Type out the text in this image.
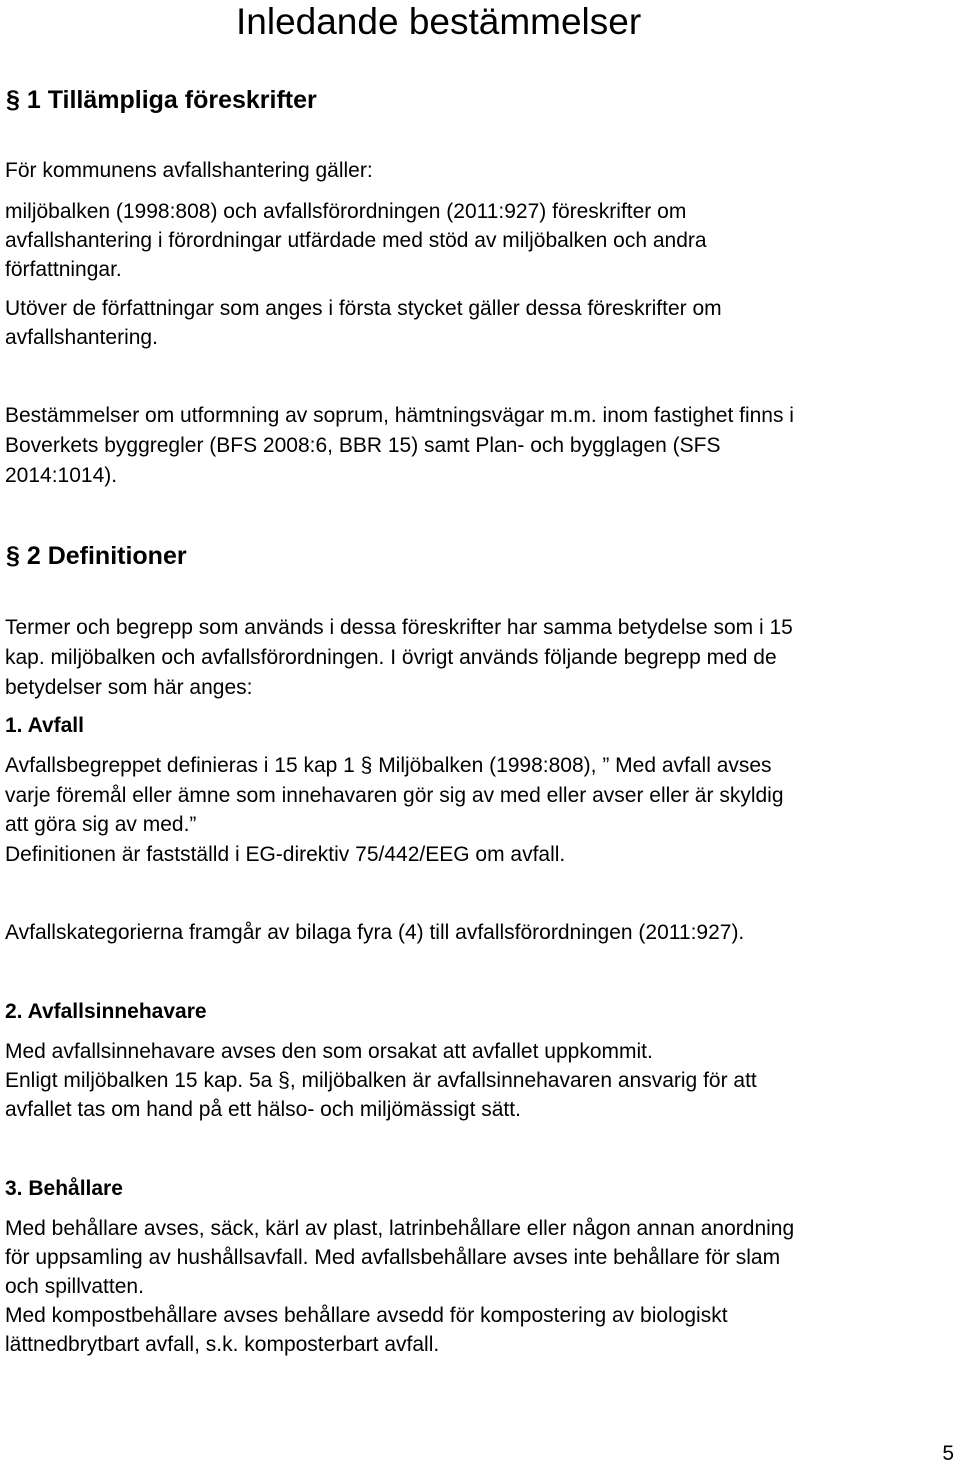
Inledande bestämmelser
§ 1 Tillämpliga föreskrifter

För kommunens avfallshantering gäller:

miljöbalken (1998:808) och avfallsförordningen (2011:927) föreskrifter om

avfallshantering i förordningar utfärdade med stöd av miljöbalken och andra

författningar.

Utöver de författningar som anges i första stycket gäller dessa föreskrifter om

avfallshantering.

Bestämmelser om utformning av soprum, hämtningsvägar m.m. inom fastighet finns i

Boverkets byggregler (BFS 2008:6, BBR 15) samt Plan- och bygglagen (SFS

2014:1014).

§ 2 Definitioner

Termer och begrepp som används i dessa föreskrifter har samma betydelse som i 15

kap. miljöbalken och avfallsförordningen. I övrigt används följande begrepp med de

betydelser som här anges:

1. Avfall

Avfallsbegreppet definieras i 15 kap 1 § Miljöbalken (1998:808), ” Med avfall avses

varje föremål eller ämne som innehavaren gör sig av med eller avser eller är skyldig

att göra sig av med.”

Definitionen är fastställd i EG-direktiv 75/442/EEG om avfall.

Avfallskategorierna framgår av bilaga fyra (4) till avfallsförordningen (2011:927).

2. Avfallsinnehavare

Med avfallsinnehavare avses den som orsakat att avfallet uppkommit.

Enligt miljöbalken 15 kap. 5a §, miljöbalken är avfallsinnehavaren ansvarig för att

avfallet tas om hand på ett hälso- och miljömässigt sätt.

3. Behållare

Med behållare avses, säck, kärl av plast, latrinbehållare eller någon annan anordning

för uppsamling av hushållsavfall. Med avfallsbehållare avses inte behållare för slam

och spillvatten.

Med kompostbehållare avses behållare avsedd för kompostering av biologiskt

lättnedbrytbart avfall, s.k. komposterbart avfall.

5
